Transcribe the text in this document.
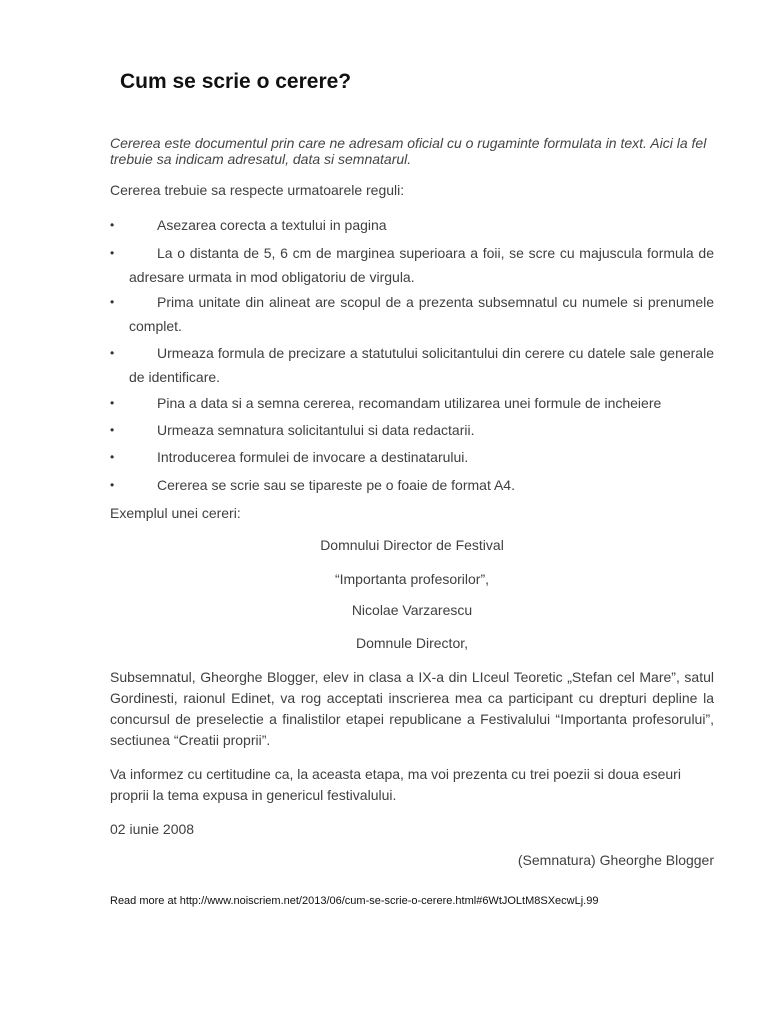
Cum se scrie o cerere?

Cererea este documentul prin care ne adresam oficial cu o rugaminte formulata in text. Aici la fel trebuie sa indicam adresatul, data si semnatarul.

Cererea trebuie sa respecte urmatoarele reguli:

•	Asezarea corecta a textului in pagina
•	La o distanta de 5, 6 cm de marginea superioara a foii, se scre cu majuscula formula de adresare urmata in mod obligatoriu de virgula.
•	Prima unitate din alineat are scopul de a prezenta subsemnatul cu numele si prenumele complet.
•	Urmeaza formula de precizare a statutului solicitantului din cerere cu datele sale generale de identificare.
•	Pina a data si a semna cererea, recomandam utilizarea unei formule de incheiere
•	Urmeaza semnatura solicitantului si data redactarii.
•	Introducerea formulei de invocare a destinatarului.
•	Cererea se scrie sau se tipareste pe o foaie de format A4.

Exemplul unei cereri:

Domnului Director de Festival

“Importanta profesorilor”,

Nicolae Varzarescu

Domnule Director,

Subsemnatul, Gheorghe Blogger, elev in clasa a IX-a din LIceul Teoretic „Stefan cel Mare”, satul Gordinesti, raionul Edinet, va rog acceptati inscrierea mea ca participant cu drepturi depline la concursul de preselectie a finalistilor etapei republicane a Festivalului “Importanta profesorului”, sectiunea “Creatii proprii”.

Va informez cu certitudine ca, la aceasta etapa, ma voi prezenta cu trei poezii si doua eseuri proprii la tema expusa in genericul festivalului.

02 iunie 2008

(Semnatura) Gheorghe Blogger

Read more at http://www.noiscriem.net/2013/06/cum-se-scrie-o-cerere.html#6WtJOLtM8SXecwLj.99
